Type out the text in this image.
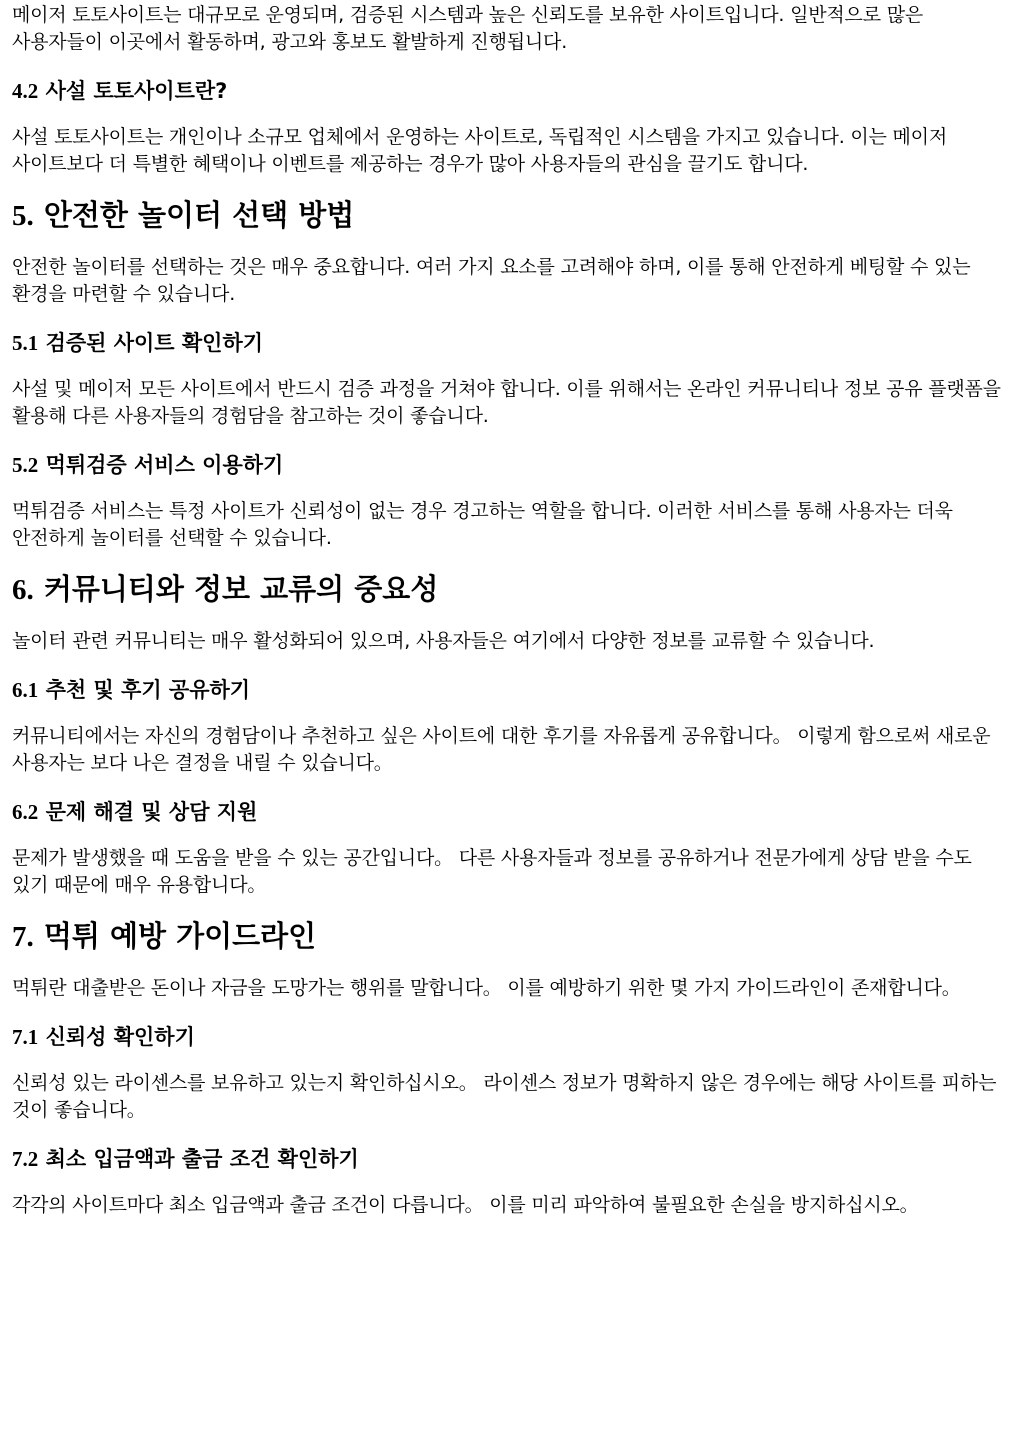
메이저 토토사이트는 대규모로 운영되며, 검증된 시스템과 높은 신뢰도를 보유한 사이트입니다. 일반적으로 많은 사용자들이 이곳에서 활동하며, 광고와 홍보도 활발하게 진행됩니다.

4.2 사설 토토사이트란?

사설 토토사이트는 개인이나 소규모 업체에서 운영하는 사이트로, 독립적인 시스템을 가지고 있습니다. 이는 메이저 사이트보다 더 특별한 혜택이나 이벤트를 제공하는 경우가 많아 사용자들의 관심을 끌기도 합니다.

5. 안전한 놀이터 선택 방법

안전한 놀이터를 선택하는 것은 매우 중요합니다. 여러 가지 요소를 고려해야 하며, 이를 통해 안전하게 베팅할 수 있는 환경을 마련할 수 있습니다.

5.1 검증된 사이트 확인하기

사설 및 메이저 모든 사이트에서 반드시 검증 과정을 거쳐야 합니다. 이를 위해서는 온라인 커뮤니티나 정보 공유 플랫폼을 활용해 다른 사용자들의 경험담을 참고하는 것이 좋습니다.

5.2 먹튀검증 서비스 이용하기

먹튀검증 서비스는 특정 사이트가 신뢰성이 없는 경우 경고하는 역할을 합니다. 이러한 서비스를 통해 사용자는 더욱 안전하게 놀이터를 선택할 수 있습니다.

6. 커뮤니티와 정보 교류의 중요성

놀이터 관련 커뮤니티는 매우 활성화되어 있으며, 사용자들은 여기에서 다양한 정보를 교류할 수 있습니다.

6.1 추천 및 후기 공유하기

커뮤니티에서는 자신의 경험담이나 추천하고 싶은 사이트에 대한 후기를 자유롭게 공유합니다。 이렇게 함으로써 새로운 사용자는 보다 나은 결정을 내릴 수 있습니다。

6.2 문제 해결 및 상담 지원

문제가 발생했을 때 도움을 받을 수 있는 공간입니다。 다른 사용자들과 정보를 공유하거나 전문가에게 상담 받을 수도 있기 때문에 매우 유용합니다。

7. 먹튀 예방 가이드라인

먹튀란 대출받은 돈이나 자금을 도망가는 행위를 말합니다。 이를 예방하기 위한 몇 가지 가이드라인이 존재합니다。

7.1 신뢰성 확인하기

신뢰성 있는 라이센스를 보유하고 있는지 확인하십시오。 라이센스 정보가 명확하지 않은 경우에는 해당 사이트를 피하는 것이 좋습니다。

7.2 최소 입금액과 출금 조건 확인하기

각각의 사이트마다 최소 입금액과 출금 조건이 다릅니다。 이를 미리 파악하여 불필요한 손실을 방지하십시오。
